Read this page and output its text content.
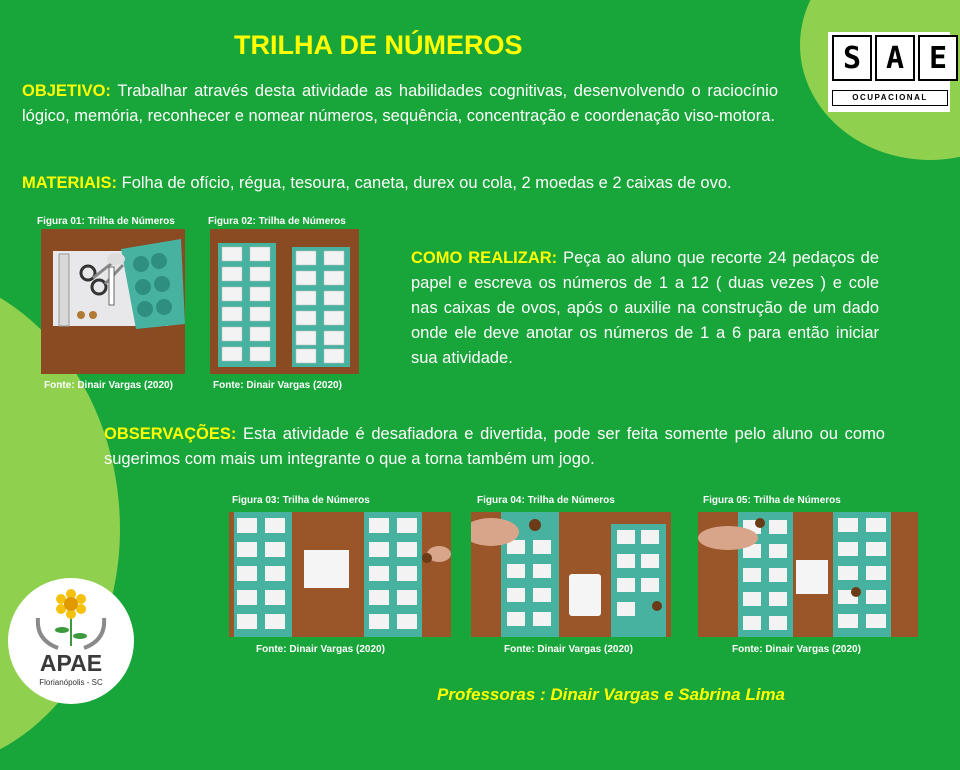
TRILHA DE NÚMEROS	S A E
OCUPACIONAL
OBJETIVO: Trabalhar através desta atividade as habilidades cognitivas, desenvolvendo o raciocínio lógico, memória, reconhecer e nomear números, sequência, concentração e coordenação viso-motora.
MATERIAIS: Folha de ofício, régua, tesoura, caneta, durex ou cola, 2 moedas e 2 caixas de ovo.
Figura 01: Trilha de Números
Fonte: Dinair Vargas (2020)
Figura 02: Trilha de Números
Fonte: Dinair Vargas (2020)
COMO REALIZAR: Peça ao aluno que recorte 24 pedaços de papel e escreva os números de 1 a 12 ( duas vezes ) e cole nas caixas de ovos, após o auxilie na construção de um dado onde ele deve anotar os números de 1 a 6 para então iniciar sua atividade.
OBSERVAÇÕES: Esta atividade é desafiadora e divertida, pode ser feita somente pelo aluno ou como sugerimos com mais um integrante o que a torna também um jogo.
Figura 03: Trilha de Números
Fonte: Dinair Vargas (2020)
Figura 04: Trilha de Números
Fonte: Dinair Vargas (2020)
Figura 05: Trilha de Números
Fonte: Dinair Vargas (2020)
APAE
Florianópolis - SC
Professoras : Dinair Vargas e Sabrina Lima
